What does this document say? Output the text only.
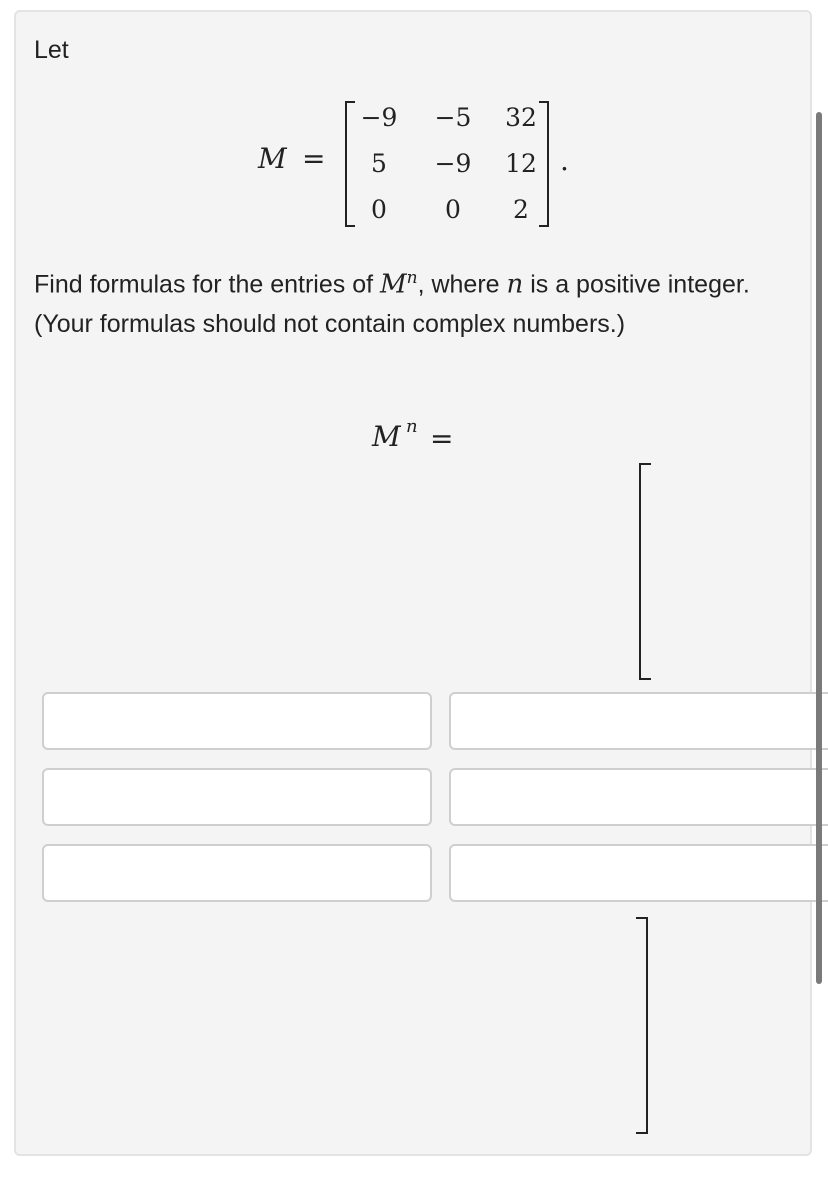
Let
M =
−9 −5 32
5	−9 12
0	0	2
.
Find formulas for the entries of $M^n$, where n is a positive integer. (Your formulas should not contain complex numbers.)
M n =
